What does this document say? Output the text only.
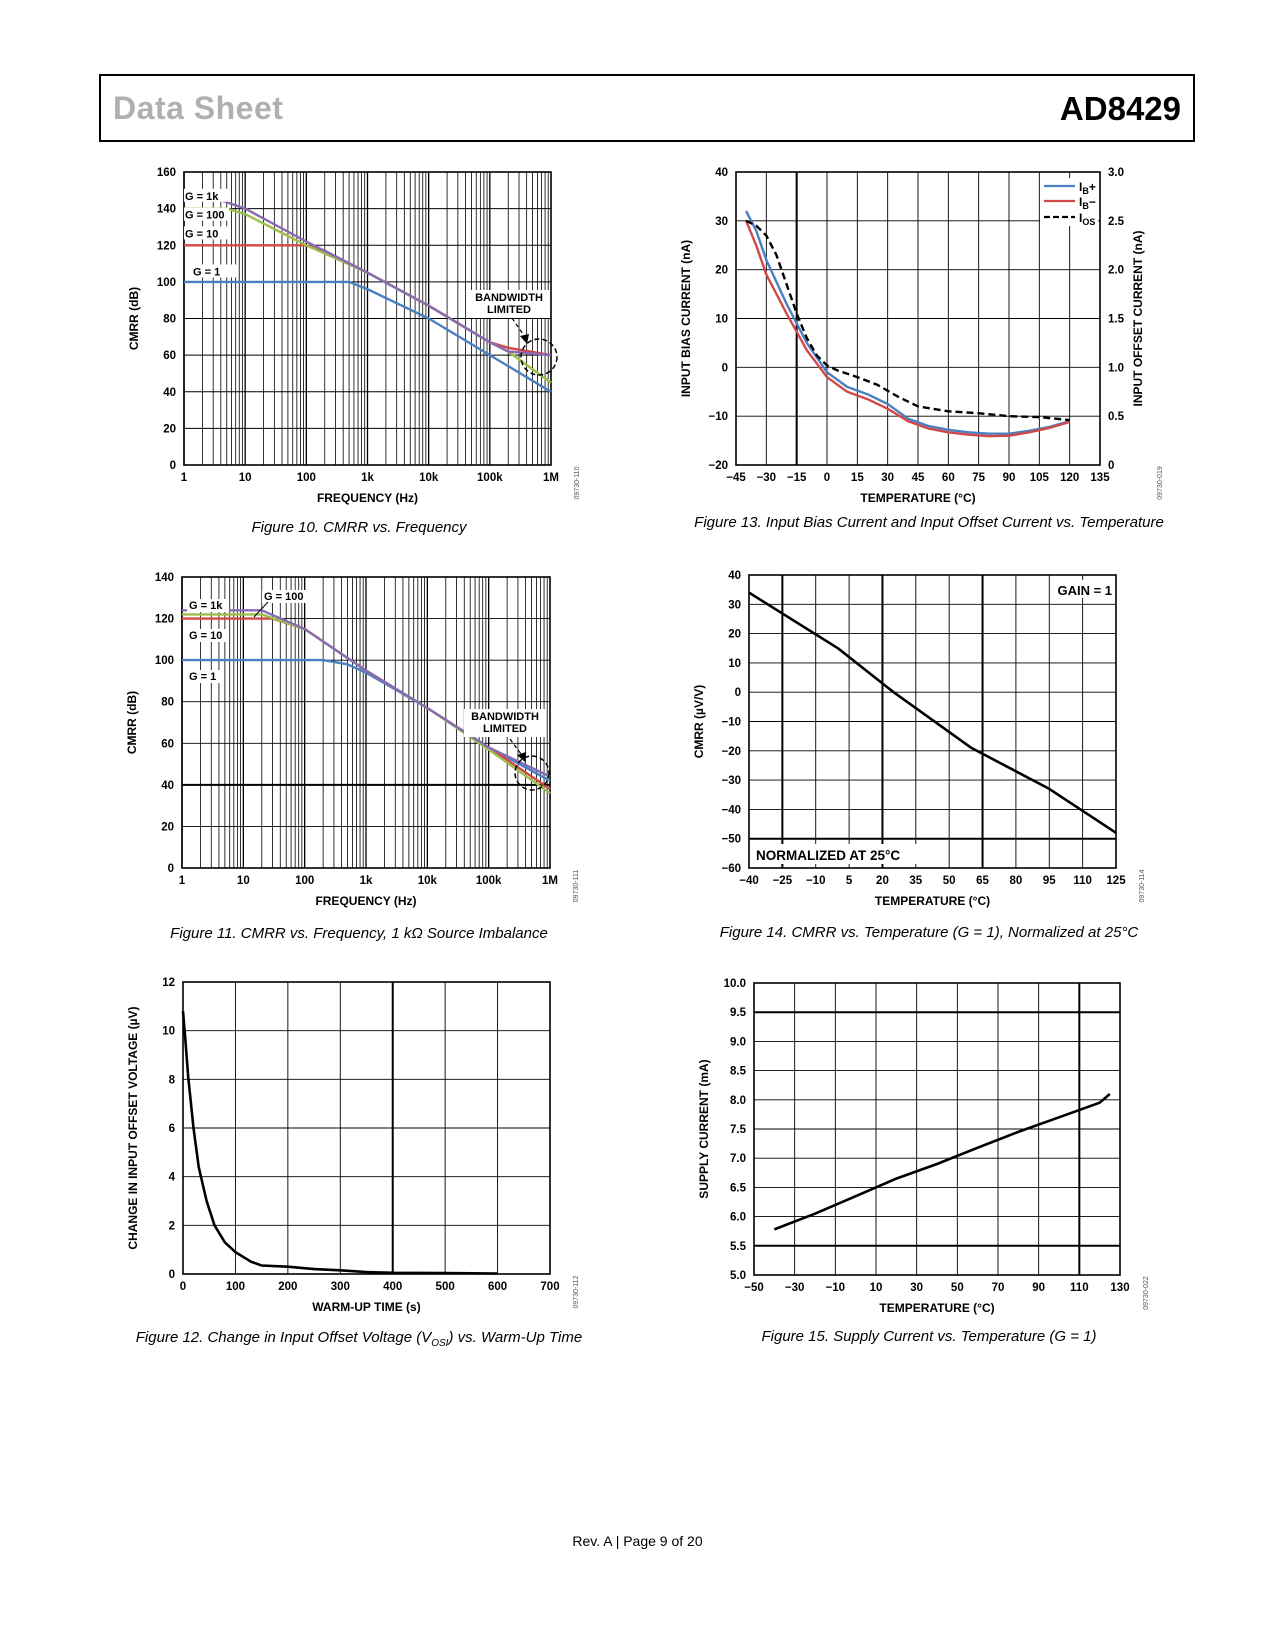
Data Sheet	AD8429
1	10	100	1k	10k	100k	1M
0
20
40
60
80
100
120
140
160
FREQUENCY (Hz)
CMRR (dB)
09730-110
G = 1k
G = 100
G = 10
G = 1
BANDWIDTH
LIMITED
Figure 10. CMRR vs. Frequency
1	10	100	1k	10k	100k	1M
0
20
40
60
80
100
120
140
FREQUENCY (Hz)
CMRR (dB)
09730-111
G = 100
G = 1k
G = 10
G = 1
BANDWIDTH
LIMITED
Figure 11. CMRR vs. Frequency, 1 kΩ Source Imbalance
0	100	200	300	400	500	600	700
0
2
4
6
8
10
12
WARM-UP TIME (s)
CHANGE IN INPUT OFFSET VOLTAGE (µV)
09730-112
Figure 12. Change in Input Offset Voltage $(V_{OSI})$ vs. Warm-Up Time
−45 −30 −15 0 15 30 45 60 75 90 105 120 135
−20
−10
0
10
20
30
40
0
0.5
1.0
1.5
2.0
2.5
3.0
TEMPERATURE (°C)
INPUT BIAS CURRENT (nA)	INPUT OFFSET CURRENT (nA)
09730-019
$I_B+$
$I_B-$
$I_{OS}$
Figure 13. Input Bias Current and Input Offset Current vs. Temperature
−40 −25 −10 5 20 35 50 65 80 95 110 125
−60
−50
−40
−30
−20
−10
0
10
20
30
40
TEMPERATURE (°C)
CMRR (µV/V)
09730-114
GAIN = 1
NORMALIZED AT 25°C
Figure 14. CMRR vs. Temperature (G = 1), Normalized at 25°C
−50 −30 −10 10 30 50 70 90 110 130
5.0
5.5
6.0
6.5
7.0
7.5
8.0
8.5
9.0
9.5
10.0
TEMPERATURE (°C)
SUPPLY CURRENT (mA)
09730-022
Figure 15. Supply Current vs. Temperature (G = 1)
Rev. A | Page 9 of 20
